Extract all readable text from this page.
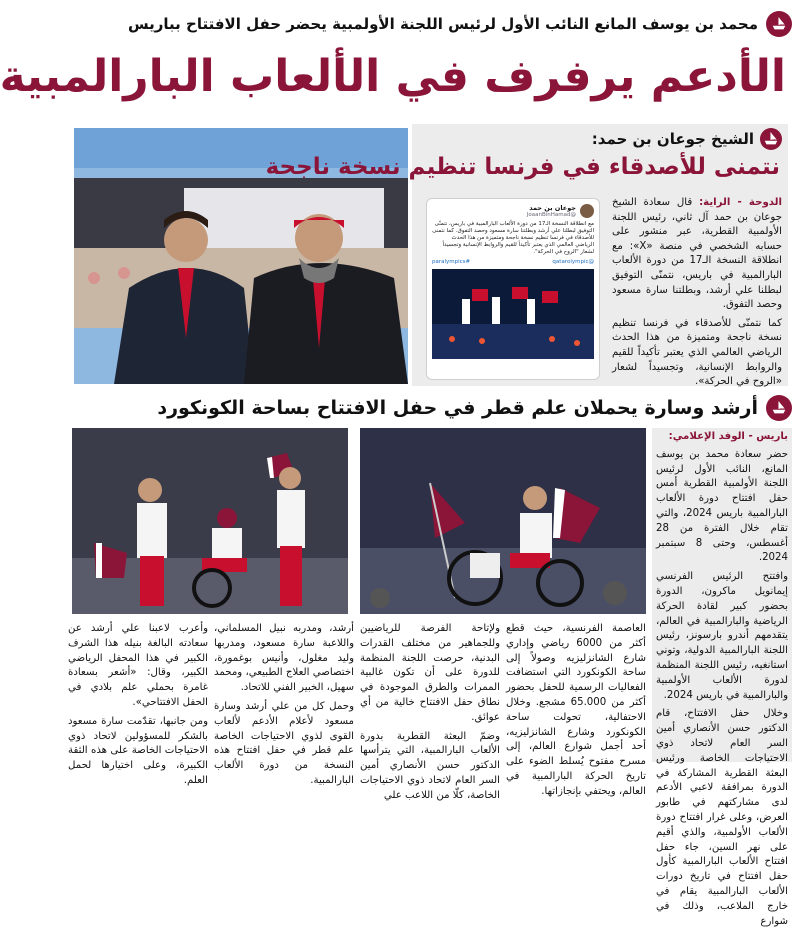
محمد بن يوسف المانع النائب الأول لرئيس اللجنة الأولمبية يحضر حفل الافتتاح بباريس
الأدعم يرفرف في الألعاب البارالمبية
الشيخ جوعان بن حمد:
نتمنى للأصدقاء في فرنسا تنظيم نسخة ناجحة

الدوحة - الراية: قال سعادة الشيخ جوعان بن حمد آل ثاني، رئيس اللجنة الأولمبية القطرية، عبر منشور على حسابه الشخصي في منصة «X»: مع انطلاقة النسخة الـ17 من دورة الألعاب البارالمبية في باريس، نتمنّى التوفيق لبطلنا علي أرشد، وبطلتنا سارة مسعود وحصد التفوق.

كما نتمنّى للأصدقاء في فرنسا تنظيم نسخة ناجحة ومتميزة من هذا الحدث الرياضي العالمي الذي يعتبر تأكيداً للقيم والروابط الإنسانية، وتجسيداً لشعار «الروح في الحركة».

جوعان بن حمد
@JoaanBinHamad
مع انطلاقة النسخة الـ17 من دورة الألعاب البارالمبية في باريس، نتمنّى التوفيق لبطلنا علي أرشد وبطلتنا سارة مسعود وحصد التفوق. كما نتمنى للأصدقاء في فرنسا تنظيم نسخة ناجحة ومتميزة من هذا الحدث الرياضي العالمي الذي يعتبر تأكيداً للقيم والروابط الإنسانية وتجسيداً لشعار "الروح في الحركة".
@qatarolympic
#paralympics
أرشد وسارة يحملان علم قطر في حفل الافتتاح بساحة الكونكورد
باريس - الوفد الإعلامي:

حضر سعادة محمد بن يوسف المانع، النائب الأول لرئيس اللجنة الأولمبية القطرية أمس حفل افتتاح دورة الألعاب البارالمبية باريس 2024، والتي تقام خلال الفترة من 28 أغسطس، وحتى 8 سبتمبر 2024.

وافتتح الرئيس الفرنسي إيمانويل ماكرون، الدورة بحضور كبير لقادة الحركة الرياضية والبارالمبية في العالم، يتقدمهم أندرو بارسونز، رئيس اللجنة البارالمبية الدولية، وتوني استانغيه، رئيس اللجنة المنظمة لدورة الألعاب الأولمبية والبارالمبية في باريس 2024.

وخلال حفل الافتتاح، قام الدكتور حسن الأنصاري أمين السر العام لاتحاد ذوي الاحتياجات الخاصة ورئيس البعثة القطرية المشاركة في الدورة بمرافقة لاعبي الأدعم لدى مشاركتهم في طابور العرض، وعلى غرار افتتاح دورة الألعاب الأولمبية، والذي أقيم على نهر السين، جاء حفل افتتاح الألعاب البارالمبية كأول حفل افتتاح في تاريخ دورات الألعاب البارالمبية يقام في خارج الملاعب، وذلك في شوارع

العاصمة الفرنسية، حيث قطع أكثر من 6000 رياضي وإداري شارع الشانزليزيه وصولاً إلى ساحة الكونكورد التي استضافت الفعاليات الرسمية للحفل بحضور أكثر من 65.000 مشجع. وخلال الاحتفالية، تحولت ساحة الكونكورد وشارع الشانزليزيه، أحد أجمل شوارع العالم، إلى مسرح مفتوح يُسلط الضوء على تاريخ الحركة البارالمبية في العالم، ويحتفي بإنجازاتها.

ولإتاحة الفرصة للرياضيين وللجماهير من مختلف القدرات البدنية، حرصت اللجنة المنظمة للدورة على أن تكون غالبية الممرات والطرق الموجودة في نطاق حفل الافتتاح خالية من أي عوائق.

وضمّ البعثة القطرية بدورة الألعاب البارالمبية، التي يترأسها الدكتور حسن الأنصاري أمين السر العام لاتحاد ذوي الاحتياجات الخاصة، كلّا من اللاعب علي

أرشد، ومدربه نبيل المسلماني، واللاعبة سارة مسعود، ومدربها وليد مغلول، وأنيس بوغمورة، اختصاصي العلاج الطبيعي، ومحمد سهيل، الخبير الفني للاتحاد.

وحمل كل من علي أرشد وسارة مسعود لأعلام الأدعم لألعاب القوى لذوي الاحتياجات الخاصة علم قطر في حفل افتتاح هذه النسخة من دورة الألعاب البارالمبية.

وأعرب لاعبنا علي أرشد عن سعادته البالغة بنيله هذا الشرف الكبير في هذا المحفل الرياضي الكبير، وقال: «أشعر بسعادة غامرة بحملي علم بلادي في الحفل الافتتاحي».

ومن جانبها، تقدّمت سارة مسعود بالشكر للمسؤولين لاتحاد ذوي الاحتياجات الخاصة على هذه الثقة الكبيرة، وعلى اختيارها لحمل العلم.
